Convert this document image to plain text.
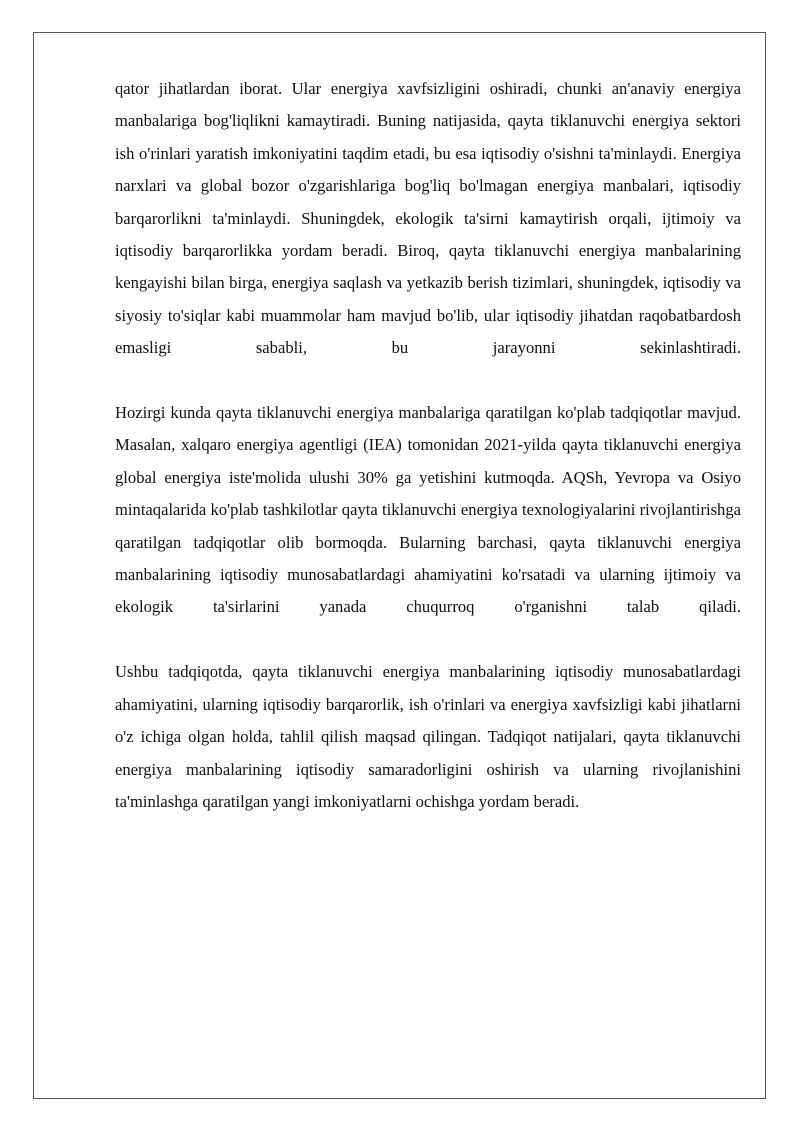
qator jihatlardan iborat. Ular energiya xavfsizligini oshiradi, chunki an'anaviy energiya manbalariga bog'liqlikni kamaytiradi. Buning natijasida, qayta tiklanuvchi energiya sektori ish o'rinlari yaratish imkoniyatini taqdim etadi, bu esa iqtisodiy o'sishni ta'minlaydi. Energiya narxlari va global bozor o'zgarishlariga bog'liq bo'lmagan energiya manbalari, iqtisodiy barqarorlikni ta'minlaydi. Shuningdek, ekologik ta'sirni kamaytirish orqali, ijtimoiy va iqtisodiy barqarorlikka yordam beradi. Biroq, qayta tiklanuvchi energiya manbalarining kengayishi bilan birga, energiya saqlash va yetkazib berish tizimlari, shuningdek, iqtisodiy va siyosiy to'siqlar kabi muammolar ham mavjud bo'lib, ular iqtisodiy jihatdan raqobatbardosh emasligi sababli, bu jarayonni sekinlashtiradi.

Hozirgi kunda qayta tiklanuvchi energiya manbalariga qaratilgan ko'plab tadqiqotlar mavjud. Masalan, xalqaro energiya agentligi (IEA) tomonidan 2021-yilda qayta tiklanuvchi energiya global energiya iste'molida ulushi 30% ga yetishini kutmoqda. AQSh, Yevropa va Osiyo mintaqalarida ko'plab tashkilotlar qayta tiklanuvchi energiya texnologiyalarini rivojlantirishga qaratilgan tadqiqotlar olib bormoqda. Bularning barchasi, qayta tiklanuvchi energiya manbalarining iqtisodiy munosabatlardagi ahamiyatini ko'rsatadi va ularning ijtimoiy va ekologik ta'sirlarini yanada chuqurroq o'rganishni talab qiladi.

Ushbu tadqiqotda, qayta tiklanuvchi energiya manbalarining iqtisodiy munosabatlardagi ahamiyatini, ularning iqtisodiy barqarorlik, ish o'rinlari va energiya xavfsizligi kabi jihatlarni o'z ichiga olgan holda, tahlil qilish maqsad qilingan. Tadqiqot natijalari, qayta tiklanuvchi energiya manbalarining iqtisodiy samaradorligini oshirish va ularning rivojlanishini ta'minlashga qaratilgan yangi imkoniyatlarni ochishga yordam beradi.
